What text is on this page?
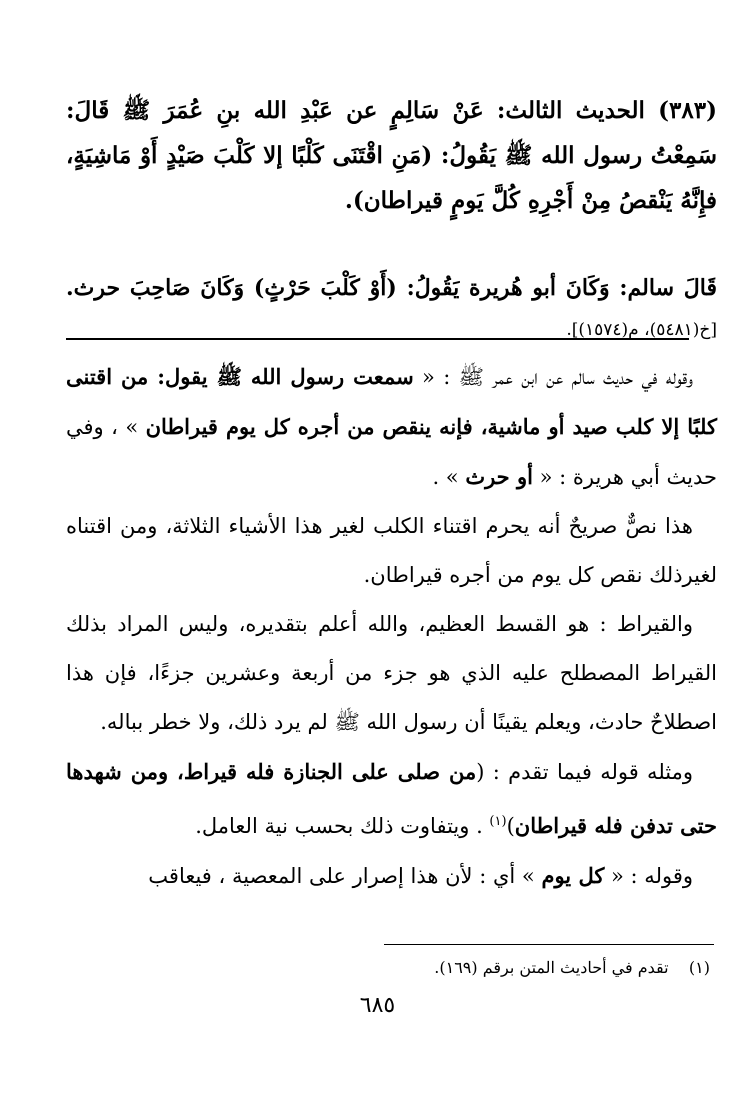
(٣٨٣) الحديث الثالث: عَنْ سَالِمٍ عن عَبْدِ الله بنِ عُمَرَ ﷺ قَالَ: سَمِعْتُ رسول الله ﷺ يَقُولُ: (مَنِ اقْتَنَى كَلْبًا إلا كَلْبَ صَيْدٍ أَوْ مَاشِيَةٍ، فإِنَّهُ يَنْقصُ مِنْ أَجْرِهِ كُلَّ يَومٍ قيراطان).
قَالَ سالم: وَكَانَ أبو هُريرة يَقُولُ: (أَوْ كَلْبَ حَرْثٍ) وَكَانَ صَاحِبَ حرث. [خ(٥٤٨١)، م(١٥٧٤)].

وقوله في حديث سالم عن ابن عمر ﷺ : « سمعت رسول الله ﷺ يقول: من اقتنى كلبًا إلا كلب صيد أو ماشية، فإنه ينقص من أجره كل يوم قيراطان » ، وفي حديث أبي هريرة : « أو حرث » .

هذا نصٌّ صريحٌ أنه يحرم اقتناء الكلب لغير هذا الأشياء الثلاثة، ومن اقتناه لغيرذلك نقص كل يوم من أجره قيراطان.

والقيراط : هو القسط العظيم، والله أعلم بتقديره، وليس المراد بذلك القيراط المصطلح عليه الذي هو جزء من أربعة وعشرين جزءًا، فإن هذا اصطلاحٌ حادث، ويعلم يقينًا أن رسول الله ﷺ لم يرد ذلك، ولا خطر بباله.

ومثله قوله فيما تقدم : (من صلى على الجنازة فله قيراط، ومن شهدها حتى تدفن فله قيراطان)$^{(١)}$ . ويتفاوت ذلك بحسب نية العامل.

وقوله : « كل يوم » أي : لأن هذا إصرار على المعصية ، فيعاقب

(١)    تقدم في أحاديث المتن برقم (١٦٩).
٦٨٥
